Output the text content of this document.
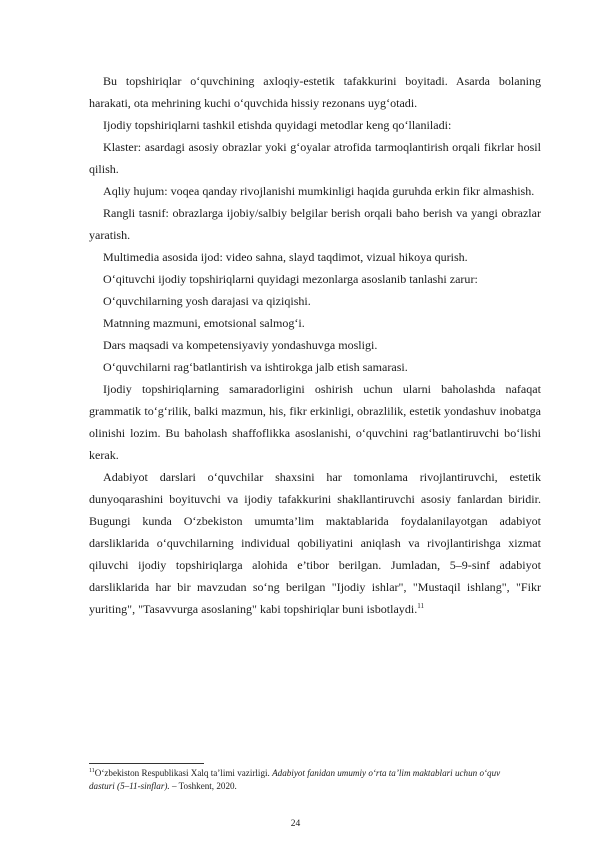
Bu topshiriqlar o‘quvchining axloqiy-estetik tafakkurini boyitadi. Asarda bolaning harakati, ota mehrining kuchi o‘quvchida hissiy rezonans uyg‘otadi.

Ijodiy topshiriqlarni tashkil etishda quyidagi metodlar keng qo‘llaniladi:

Klaster: asardagi asosiy obrazlar yoki g‘oyalar atrofida tarmoqlantirish orqali fikrlar hosil qilish.

Aqliy hujum: voqea qanday rivojlanishi mumkinligi haqida guruhda erkin fikr almashish.

Rangli tasnif: obrazlarga ijobiy/salbiy belgilar berish orqali baho berish va yangi obrazlar yaratish.

Multimedia asosida ijod: video sahna, slayd taqdimot, vizual hikoya qurish.

O‘qituvchi ijodiy topshiriqlarni quyidagi mezonlarga asoslanib tanlashi zarur:

O‘quvchilarning yosh darajasi va qiziqishi.

Matnning mazmuni, emotsional salmog‘i.

Dars maqsadi va kompetensiyaviy yondashuvga mosligi.

O‘quvchilarni rag‘batlantirish va ishtirokga jalb etish samarasi.

Ijodiy topshiriqlarning samaradorligini oshirish uchun ularni baholashda nafaqat grammatik to‘g‘rilik, balki mazmun, his, fikr erkinligi, obrazlilik, estetik yondashuv inobatga olinishi lozim. Bu baholash shaffoflikka asoslanishi, o‘quvchini rag‘batlantiruvchi bo‘lishi kerak.

Adabiyot darslari o‘quvchilar shaxsini har tomonlama rivojlantiruvchi, estetik dunyoqarashini boyituvchi va ijodiy tafakkurini shakllantiruvchi asosiy fanlardan biridir. Bugungi kunda O‘zbekiston umumta’lim maktablarida foydalanilayotgan adabiyot darsliklarida o‘quvchilarning individual qobiliyatini aniqlash va rivojlantirishga xizmat qiluvchi ijodiy topshiriqlarga alohida e’tibor berilgan. Jumladan, 5–9-sinf adabiyot darsliklarida har bir mavzudan so‘ng berilgan "Ijodiy ishlar", "Mustaqil ishlang", "Fikr yuriting", "Tasavvurga asoslaning" kabi topshiriqlar buni isbotlaydi.$^{11}$

$^{11}$O‘zbekiston Respublikasi Xalq ta’limi vazirligi. Adabiyot fanidan umumiy o‘rta ta’lim maktablari uchun o‘quv dasturi (5–11-sinflar). – Toshkent, 2020.

24
